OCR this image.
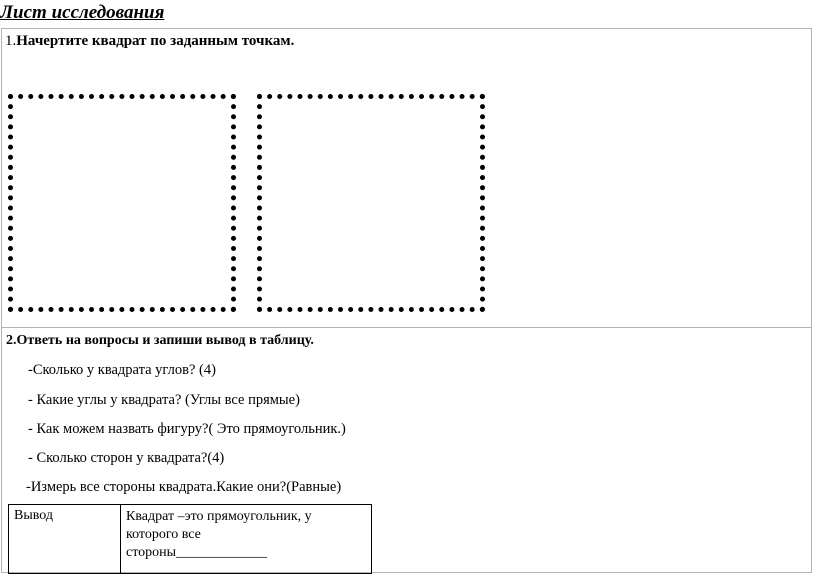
Лист исследования
1.Начертите квадрат по заданным точкам.
2.Ответь на вопросы и запиши вывод в таблицу.
-Сколько у квадрата углов? (4)
- Какие углы у квадрата? (Углы все прямые)
- Как можем назвать фигуру?( Это прямоугольник.)
- Сколько сторон у квадрата?(4)
-Измерь все стороны квадрата.Какие они?(Равные)
Вывод	Квадрат –это прямоугольник, у
которого все
стороны_____________
